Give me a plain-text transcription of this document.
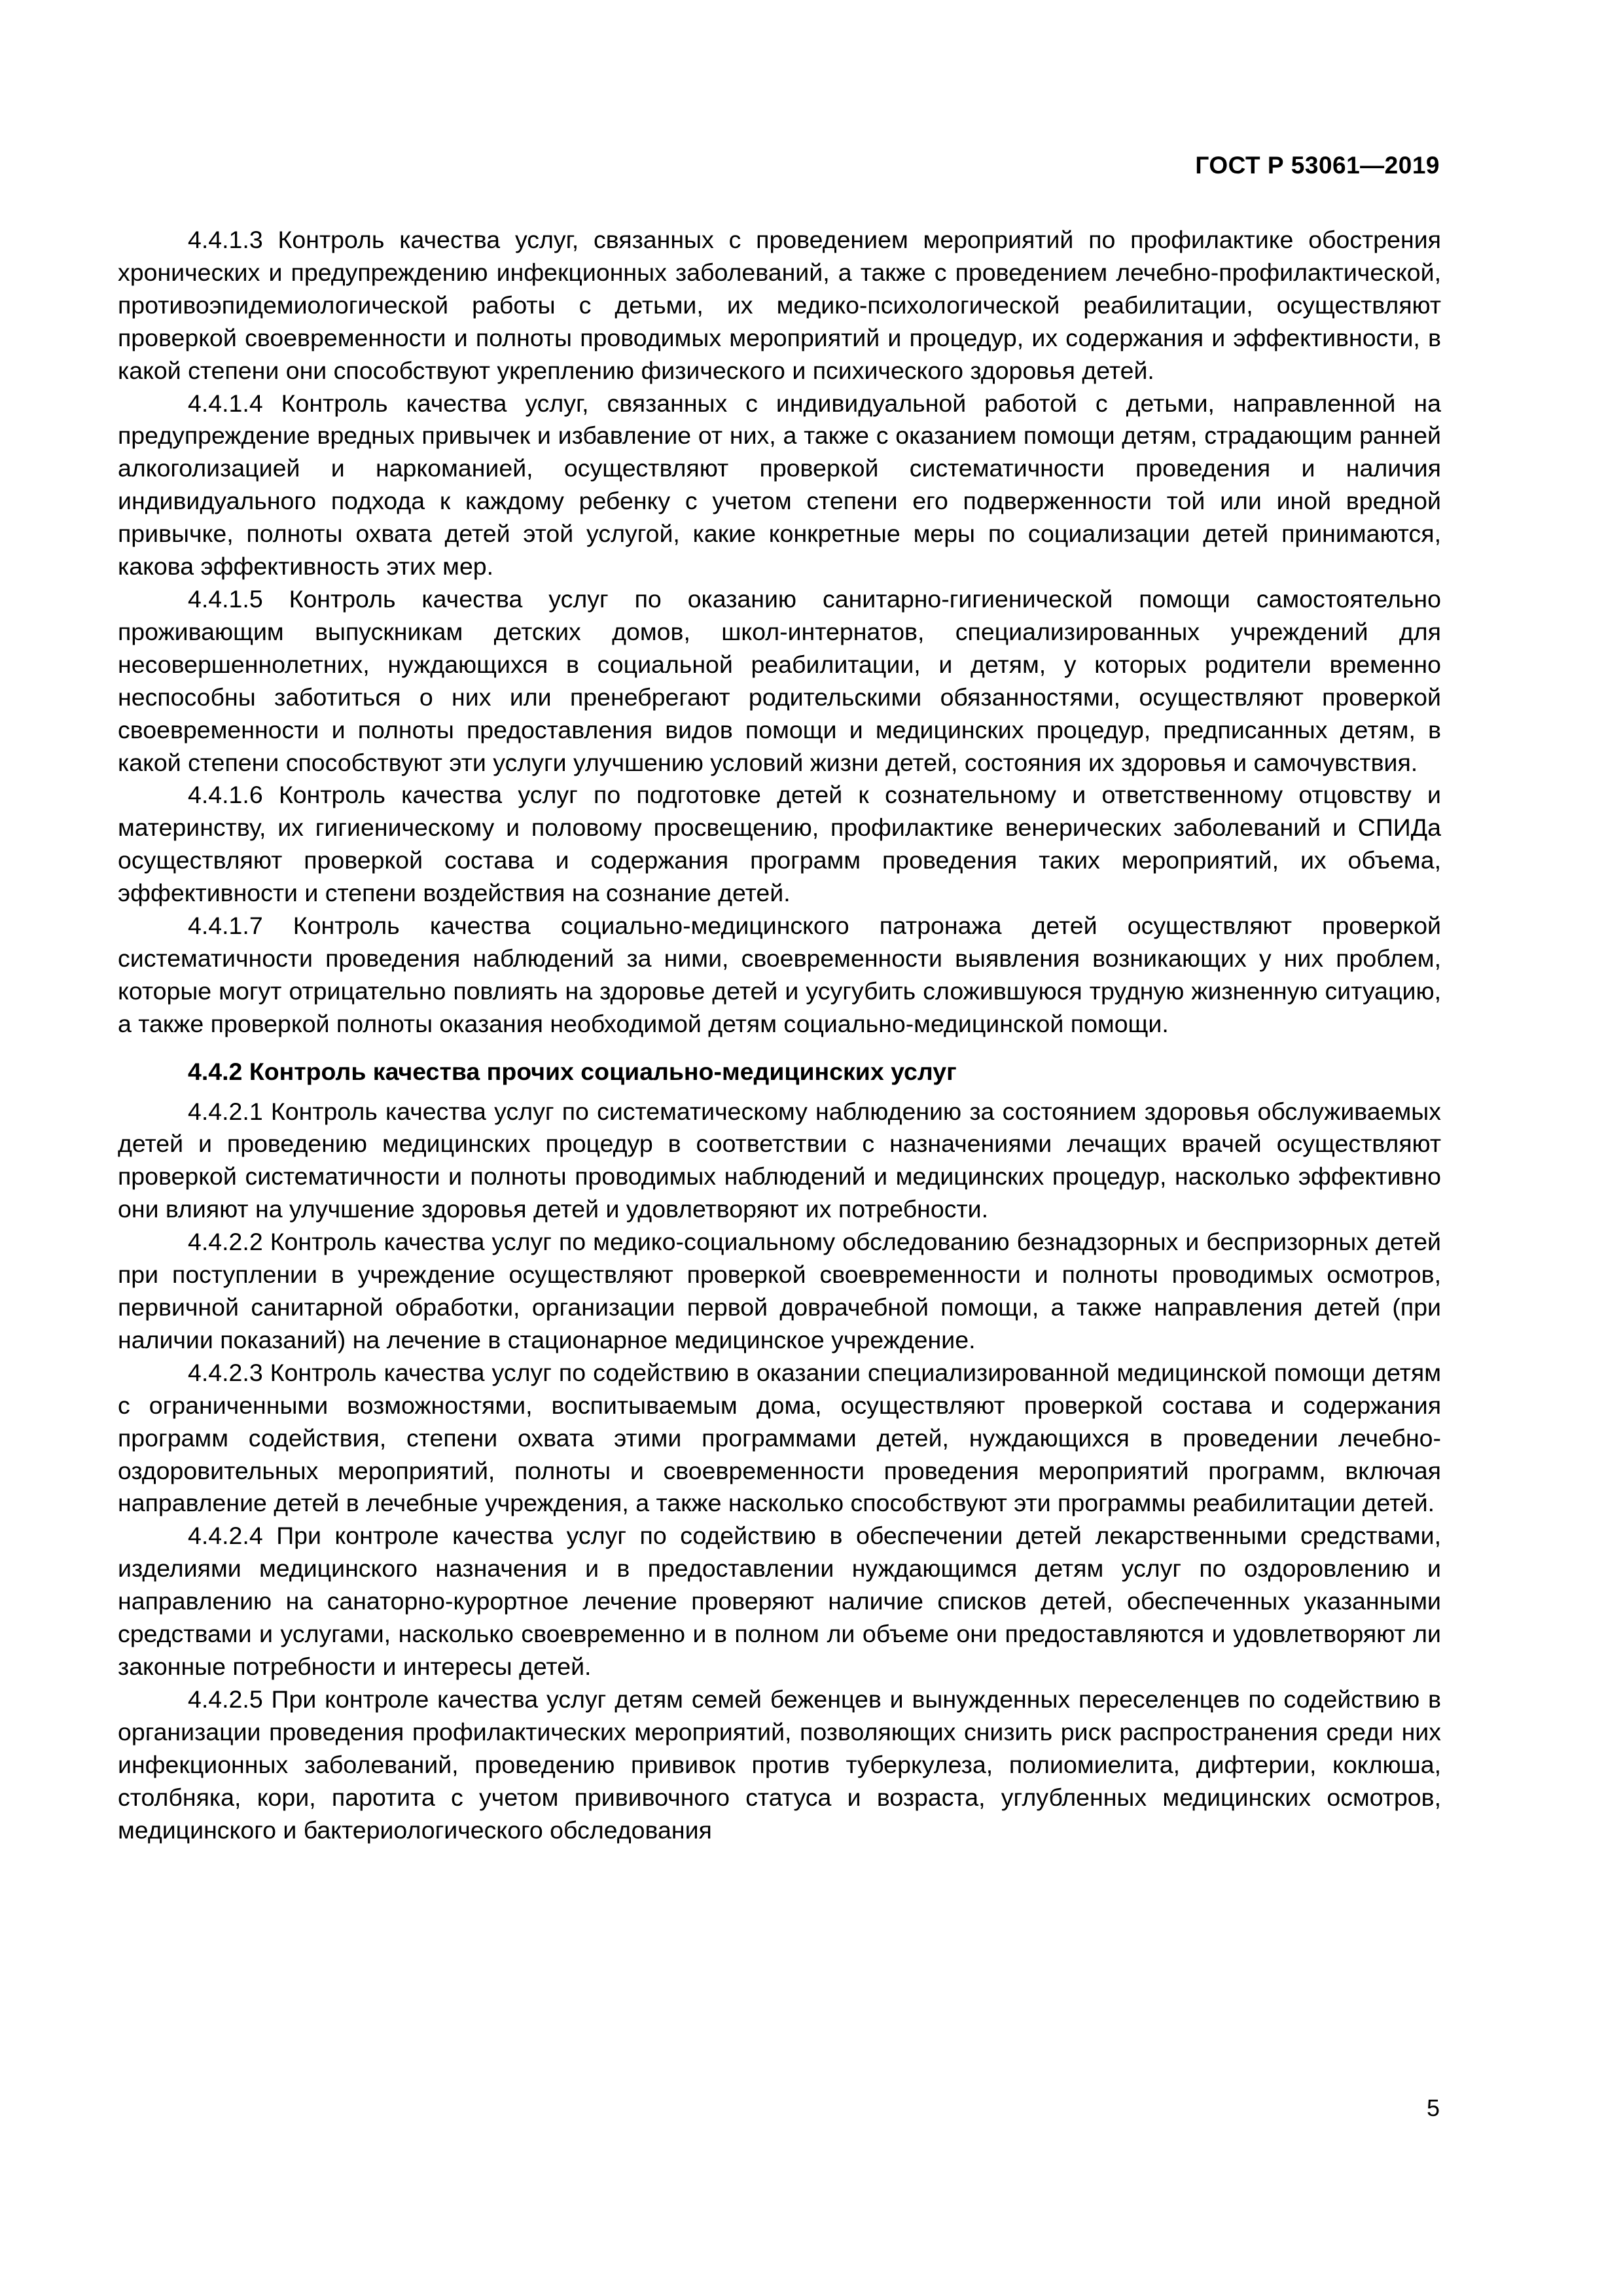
ГОСТ Р 53061—2019

4.4.1.3 Контроль качества услуг, связанных с проведением мероприятий по профилактике обострения хронических и предупреждению инфекционных заболеваний, а также с проведением лечебно-профилактической, противоэпидемиологической работы с детьми, их медико-психологической реабилитации, осуществляют проверкой своевременности и полноты проводимых мероприятий и процедур, их содержания и эффективности, в какой степени они способствуют укреплению физического и психического здоровья детей.

4.4.1.4 Контроль качества услуг, связанных с индивидуальной работой с детьми, направленной на предупреждение вредных привычек и избавление от них, а также с оказанием помощи детям, страдающим ранней алкоголизацией и наркоманией, осуществляют проверкой систематичности проведения и наличия индивидуального подхода к каждому ребенку с учетом степени его подверженности той или иной вредной привычке, полноты охвата детей этой услугой, какие конкретные меры по социализации детей принимаются, какова эффективность этих мер.

4.4.1.5 Контроль качества услуг по оказанию санитарно-гигиенической помощи самостоятельно проживающим выпускникам детских домов, школ-интернатов, специализированных учреждений для несовершеннолетних, нуждающихся в социальной реабилитации, и детям, у которых родители временно неспособны заботиться о них или пренебрегают родительскими обязанностями, осуществляют проверкой своевременности и полноты предоставления видов помощи и медицинских процедур, предписанных детям, в какой степени способствуют эти услуги улучшению условий жизни детей, состояния их здоровья и самочувствия.

4.4.1.6 Контроль качества услуг по подготовке детей к сознательному и ответственному отцовству и материнству, их гигиеническому и половому просвещению, профилактике венерических заболеваний и СПИДа осуществляют проверкой состава и содержания программ проведения таких мероприятий, их объема, эффективности и степени воздействия на сознание детей.

4.4.1.7 Контроль качества социально-медицинского патронажа детей осуществляют проверкой систематичности проведения наблюдений за ними, своевременности выявления возникающих у них проблем, которые могут отрицательно повлиять на здоровье детей и усугубить сложившуюся трудную жизненную ситуацию, а также проверкой полноты оказания необходимой детям социально-медицинской помощи.

4.4.2 Контроль качества прочих социально-медицинских услуг

4.4.2.1 Контроль качества услуг по систематическому наблюдению за состоянием здоровья обслуживаемых детей и проведению медицинских процедур в соответствии с назначениями лечащих врачей осуществляют проверкой систематичности и полноты проводимых наблюдений и медицинских процедур, насколько эффективно они влияют на улучшение здоровья детей и удовлетворяют их потребности.

4.4.2.2 Контроль качества услуг по медико-социальному обследованию безнадзорных и беспризорных детей при поступлении в учреждение осуществляют проверкой своевременности и полноты проводимых осмотров, первичной санитарной обработки, организации первой доврачебной помощи, а также направления детей (при наличии показаний) на лечение в стационарное медицинское учреждение.

4.4.2.3 Контроль качества услуг по содействию в оказании специализированной медицинской помощи детям с ограниченными возможностями, воспитываемым дома, осуществляют проверкой состава и содержания программ содействия, степени охвата этими программами детей, нуждающихся в проведении лечебно-оздоровительных мероприятий, полноты и своевременности проведения мероприятий программ, включая направление детей в лечебные учреждения, а также насколько способствуют эти программы реабилитации детей.

4.4.2.4 При контроле качества услуг по содействию в обеспечении детей лекарственными средствами, изделиями медицинского назначения и в предоставлении нуждающимся детям услуг по оздоровлению и направлению на санаторно-курортное лечение проверяют наличие списков детей, обеспеченных указанными средствами и услугами, насколько своевременно и в полном ли объеме они предоставляются и удовлетворяют ли законные потребности и интересы детей.

4.4.2.5 При контроле качества услуг детям семей беженцев и вынужденных переселенцев по содействию в организации проведения профилактических мероприятий, позволяющих снизить риск распространения среди них инфекционных заболеваний, проведению прививок против туберкулеза, полиомиелита, дифтерии, коклюша, столбняка, кори, паротита с учетом прививочного статуса и возраста, углубленных медицинских осмотров, медицинского и бактериологического обследования

5
